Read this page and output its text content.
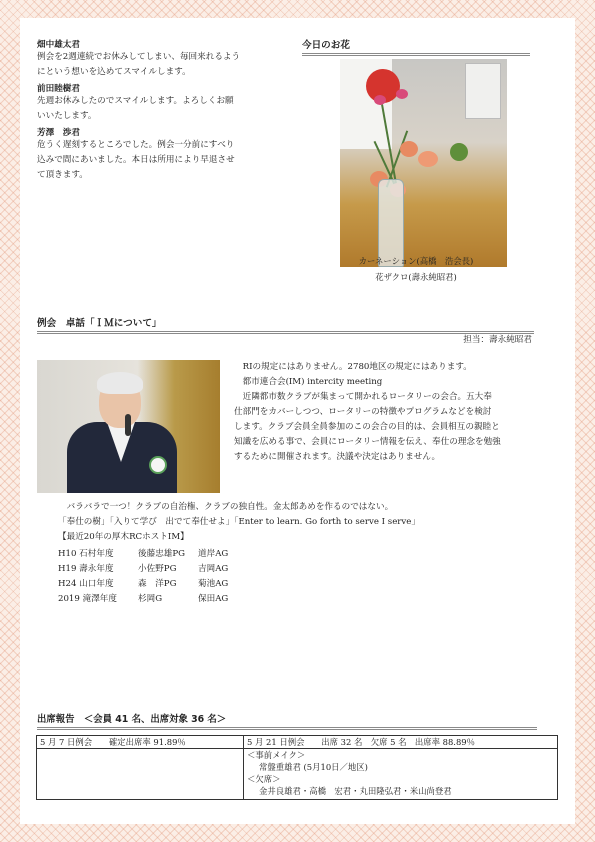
畑中雄太君
例会を2週連続でお休みしてしまい、毎回来れるよう
にという想いを込めてスマイルします。
前田睦樹君
先週お休みしたのでスマイルします。よろしくお願
いいたします。
芳澤　渉君
危うく遅刻するところでした。例会一分前にすべり
込みで間にあいました。本日は所用により早退させ
て頂きます。
今日のお花
カーネーション(高橋　浩会長)
花ザクロ(壽永純昭君)
例会　卓話「ＩＭについて」
担当：壽永純昭君
RIの規定にはありません。2780地区の規定にはあります。
都市連合会(IM) intercity meeting
近隣都市数クラブが集まって開かれるロータリーの会合。五大奉
仕部門をカバーしつつ、ロータリーの特徴やプログラムなどを検討
します。クラブ会員全員参加のこの会合の目的は、会員相互の親睦と
知識を広める事で、会員にロータリー情報を伝え、奉仕の理念を勉強
するために開催されます。決議や決定はありません。
バラバラで一つ！クラブの自治権、クラブの独自性。金太郎あめを作るのではない。
「奉仕の樹」「入りて学び　出でて奉仕せよ」「Enter to learn. Go forth to serve I serve」
【最近20年の厚木RCホストIM】
H10 石村年度	後藤忠雄PG 道岸AG
H19 壽永年度	小佐野PG	吉岡AG
H24 山口年度	森　洋PG	菊池AG
2019 滝澤年度 杉岡G	保田AG
出席報告　＜会員 41 名、出席対象 36 名＞
5 月 7 日例会　　確定出席率 91.89％	5 月 21 日例会　　出席 32 名　欠席 5 名　出席率 88.89％

	＜事前メイク＞
常盤重雄君 (5月10日／地区)
＜欠席＞
金井良雄君・高橋　宏君・丸田隆弘君・米山尚登君
